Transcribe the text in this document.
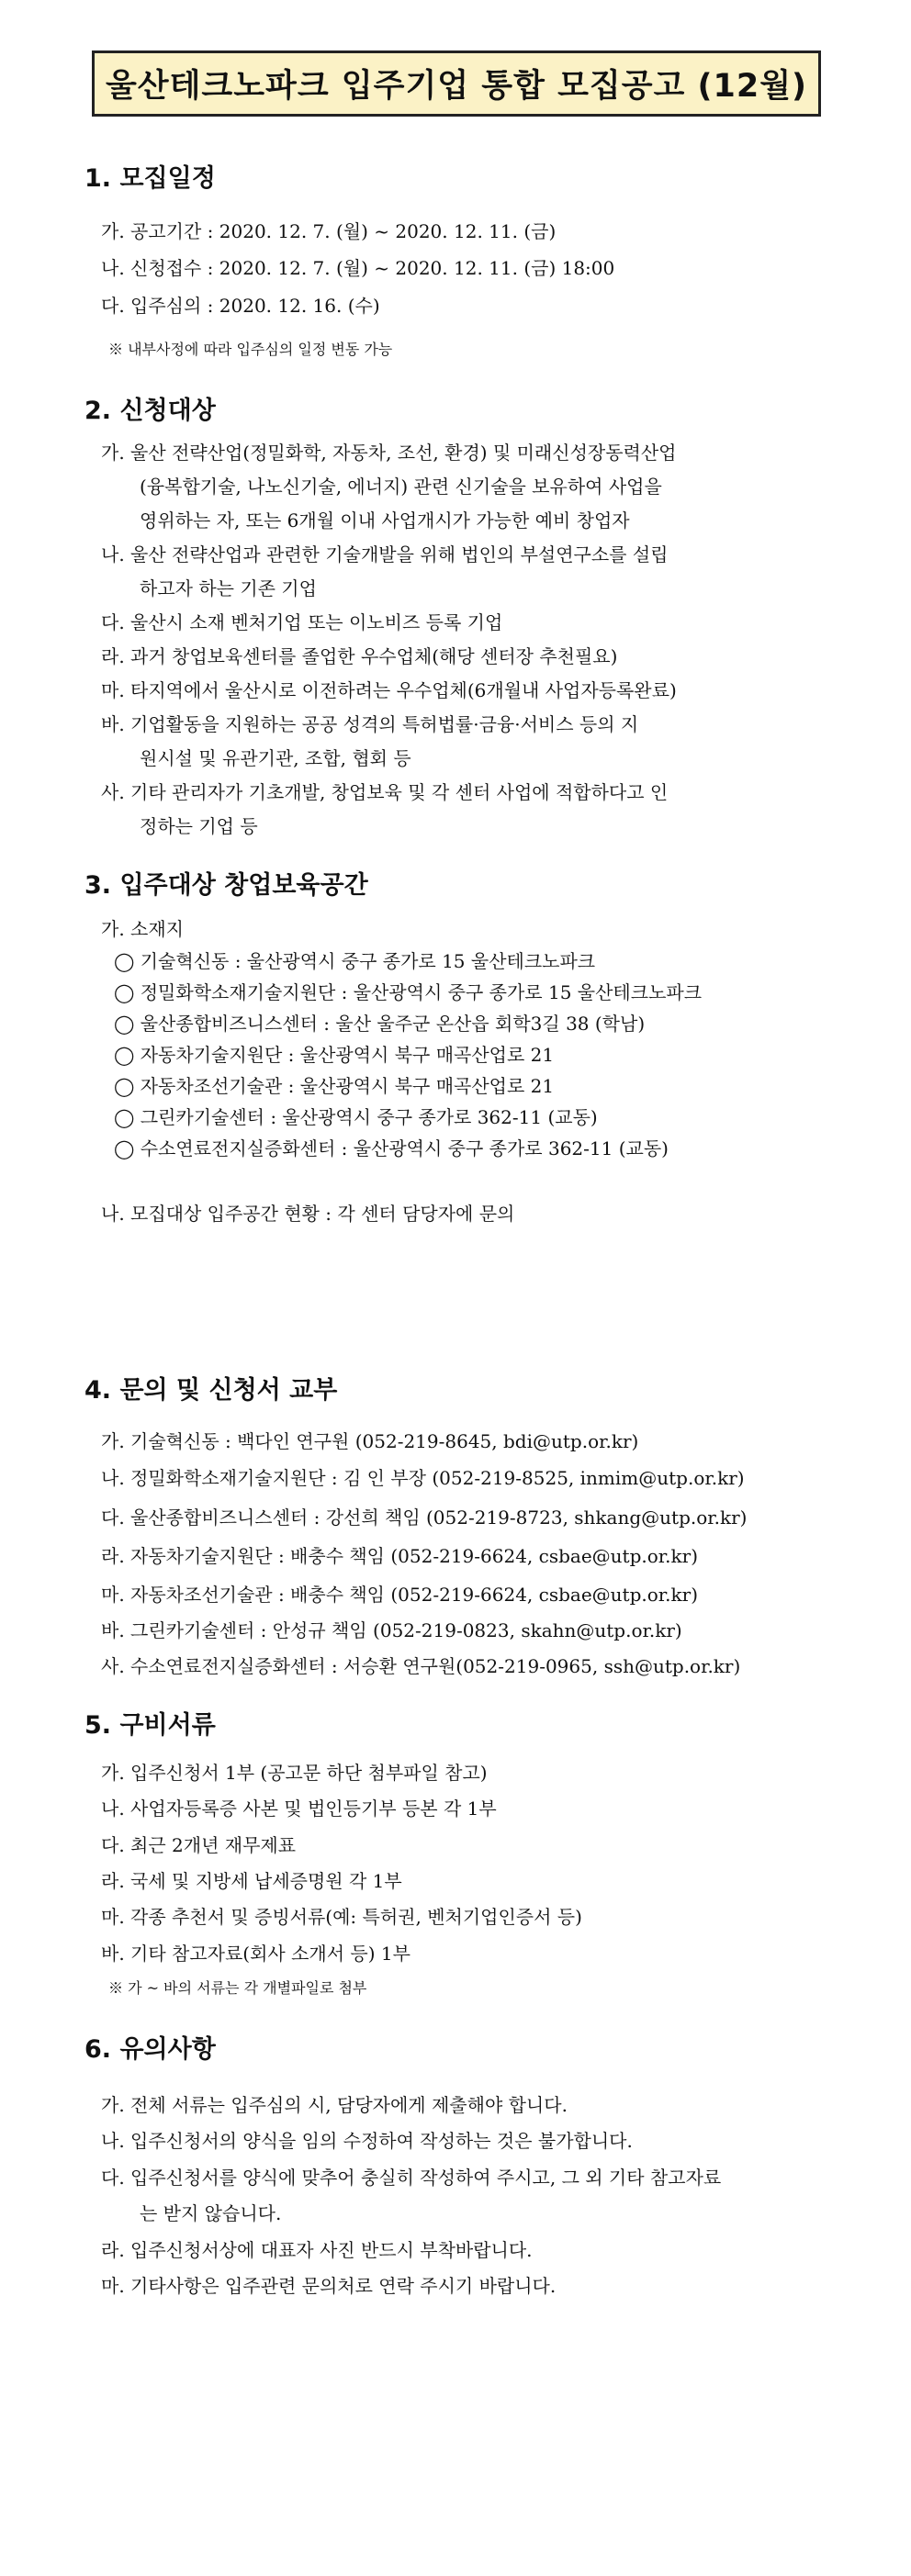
울산테크노파크 입주기업 통합 모집공고 (12월)
1. 모집일정
가. 공고기간 : 2020. 12. 7. (월) ~ 2020. 12. 11. (금)
나. 신청접수 : 2020. 12. 7. (월) ~ 2020. 12. 11. (금) 18:00
다. 입주심의 : 2020. 12. 16. (수)
※ 내부사정에 따라 입주심의 일정 변동 가능
2. 신청대상
가. 울산 전략산업(정밀화학, 자동차, 조선, 환경) 및 미래신성장동력산업
(융복합기술, 나노신기술, 에너지) 관련 신기술을 보유하여 사업을
영위하는 자, 또는 6개월 이내 사업개시가 가능한 예비 창업자
나. 울산 전략산업과 관련한 기술개발을 위해 법인의 부설연구소를 설립
하고자 하는 기존 기업
다. 울산시 소재 벤처기업 또는 이노비즈 등록 기업
라. 과거 창업보육센터를 졸업한 우수업체(해당 센터장 추천필요)
마. 타지역에서 울산시로 이전하려는 우수업체(6개월내 사업자등록완료)
바. 기업활동을 지원하는 공공 성격의 특허법률·금융·서비스 등의 지
원시설 및 유관기관, 조합, 협회 등
사. 기타 관리자가 기초개발, 창업보육 및 각 센터 사업에 적합하다고 인
정하는 기업 등
3. 입주대상 창업보육공간
가. 소재지
◯ 기술혁신동 : 울산광역시 중구 종가로 15 울산테크노파크
◯ 정밀화학소재기술지원단 : 울산광역시 중구 종가로 15 울산테크노파크
◯ 울산종합비즈니스센터 : 울산 울주군 온산읍 회학3길 38 (학남)
◯ 자동차기술지원단 : 울산광역시 북구 매곡산업로 21
◯ 자동차조선기술관 : 울산광역시 북구 매곡산업로 21
◯ 그린카기술센터 : 울산광역시 중구 종가로 362-11 (교동)
◯ 수소연료전지실증화센터 : 울산광역시 중구 종가로 362-11 (교동)
나. 모집대상 입주공간 현황 : 각 센터 담당자에 문의
4. 문의 및 신청서 교부
가. 기술혁신동 : 백다인 연구원 (052-219-8645, bdi@utp.or.kr)
나. 정밀화학소재기술지원단 : 김 인 부장 (052-219-8525, inmim@utp.or.kr)
다. 울산종합비즈니스센터 : 강선희 책임 (052-219-8723, shkang@utp.or.kr)
라. 자동차기술지원단 : 배충수 책임 (052-219-6624, csbae@utp.or.kr)
마. 자동차조선기술관 : 배충수 책임 (052-219-6624, csbae@utp.or.kr)
바. 그린카기술센터 : 안성규 책임 (052-219-0823, skahn@utp.or.kr)
사. 수소연료전지실증화센터 : 서승환 연구원(052-219-0965, ssh@utp.or.kr)
5. 구비서류
가. 입주신청서 1부 (공고문 하단 첨부파일 참고)
나. 사업자등록증 사본 및 법인등기부 등본 각 1부
다. 최근 2개년 재무제표
라. 국세 및 지방세 납세증명원 각 1부
마. 각종 추천서 및 증빙서류(예: 특허권, 벤처기업인증서 등)
바. 기타 참고자료(회사 소개서 등) 1부
※ 가 ~ 바의 서류는 각 개별파일로 첨부
6. 유의사항
가. 전체 서류는 입주심의 시, 담당자에게 제출해야 합니다.
나. 입주신청서의 양식을 임의 수정하여 작성하는 것은 불가합니다.
다. 입주신청서를 양식에 맞추어 충실히 작성하여 주시고, 그 외 기타 참고자료
는 받지 않습니다.
라. 입주신청서상에 대표자 사진 반드시 부착바랍니다.
마. 기타사항은 입주관련 문의처로 연락 주시기 바랍니다.
